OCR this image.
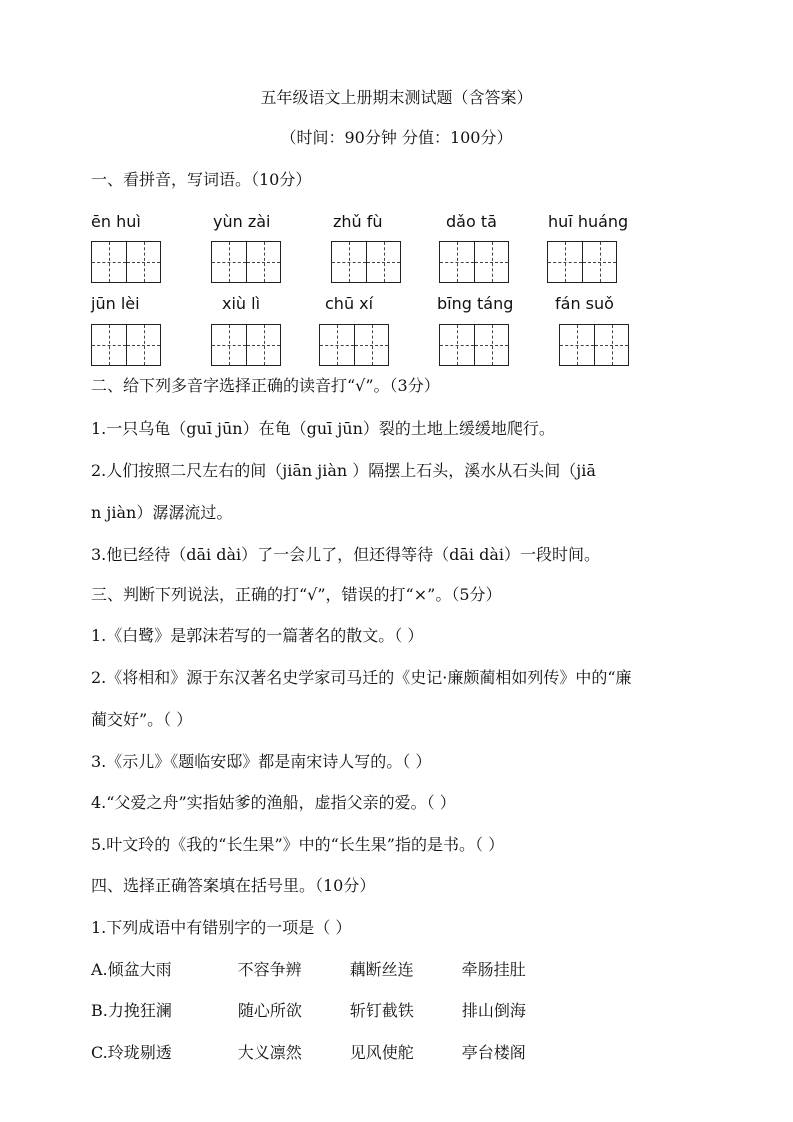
五年级语文上册期末测试题（含答案）
（时间：90分钟 分值：100分）
一、看拼音，写词语。（10分）
ēn huì	yùn zài	zhǔ fù	dǎo tā	huī huáng
jūn lèi	xiù lì	chū xí	bīng táng	fán suǒ
二、给下列多音字选择正确的读音打“√”。（3分）
1.一只乌龟（guī jūn）在龟（guī jūn）裂的土地上缓缓地爬行。
2.人们按照二尺左右的间（jiān jiàn ）隔摆上石头，溪水从石头间（jiā
n jiàn）潺潺流过。
3.他已经待（dāi dài）了一会儿了，但还得等待（dāi dài）一段时间。
三、判断下列说法，正确的打“√”，错误的打“×”。（5分）
1.《白鹭》是郭沫若写的一篇著名的散文。（ ）
2.《将相和》源于东汉著名史学家司马迁的《史记·廉颇蔺相如列传》中的“廉
蔺交好”。（ ）
3.《示儿》《题临安邸》都是南宋诗人写的。（ ）
4.“父爱之舟”实指姑爹的渔船，虚指父亲的爱。（ ）
5.叶文玲的《我的“长生果”》中的“长生果”指的是书。（ ）
四、选择正确答案填在括号里。（10分）
1.下列成语中有错别字的一项是（ ）
A.倾盆大雨	不容争辨	藕断丝连	牵肠挂肚
B.力挽狂澜	随心所欲	斩钉截铁	排山倒海
C.玲珑剔透	大义凛然	见风使舵	亭台楼阁
